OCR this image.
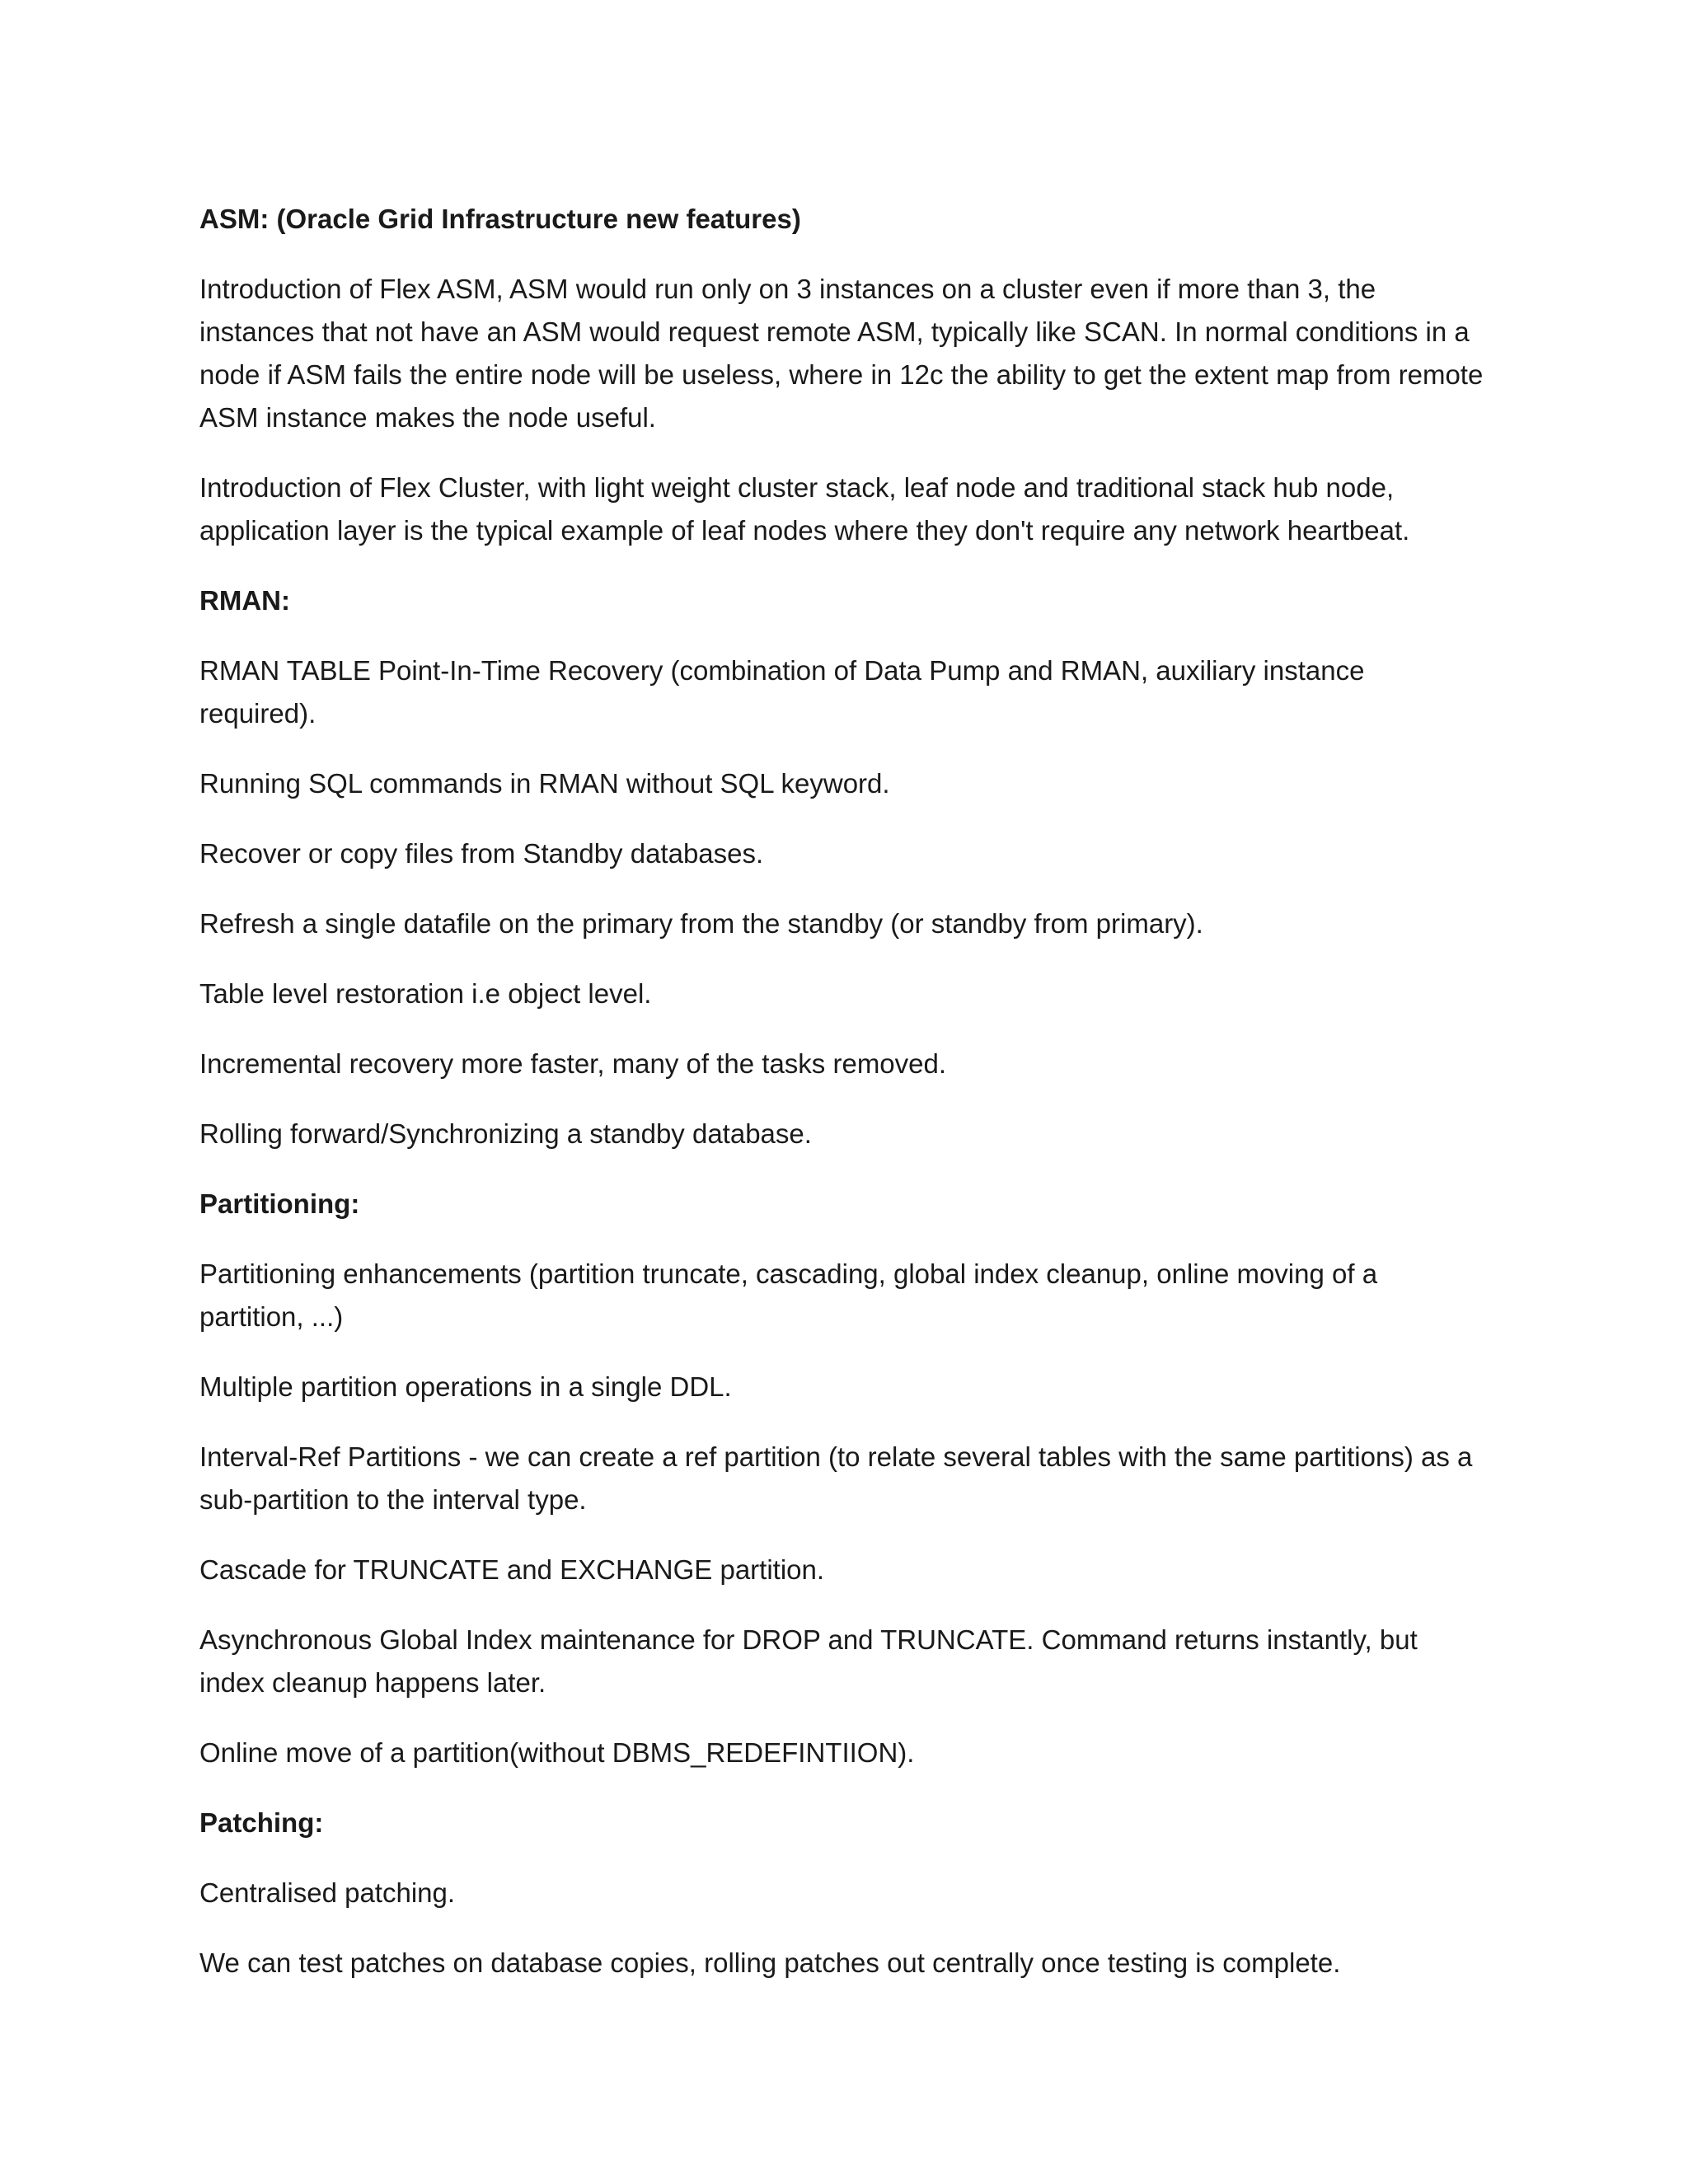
ASM: (Oracle Grid Infrastructure new features)
Introduction of Flex ASM, ASM would run only on 3 instances on a cluster even if more than 3, the instances that not have an ASM would request remote ASM, typically like SCAN. In normal conditions in a node if ASM fails the entire node will be useless, where in 12c the ability to get the extent map from remote ASM instance makes the node useful.
Introduction of Flex Cluster, with light weight cluster stack, leaf node and traditional stack hub node, application layer is the typical example of leaf nodes where they don't require any network heartbeat.
RMAN:
RMAN TABLE Point-In-Time Recovery (combination of Data Pump and RMAN, auxiliary instance required).
Running SQL commands in RMAN without SQL keyword.
Recover or copy files from Standby databases.
Refresh a single datafile on the primary from the standby (or standby from primary).
Table level restoration i.e object level.
Incremental recovery more faster, many of the tasks removed.
Rolling forward/Synchronizing a standby database.
Partitioning:
Partitioning enhancements (partition truncate, cascading, global index cleanup, online moving of a partition, ...)
Multiple partition operations in a single DDL.
Interval-Ref Partitions - we can create a ref partition (to relate several tables with the same partitions) as a sub-partition to the interval type.
Cascade for TRUNCATE and EXCHANGE partition.
Asynchronous Global Index maintenance for DROP and TRUNCATE. Command returns instantly, but index cleanup happens later.
Online move of a partition(without DBMS_REDEFINTIION).
Patching:
Centralised patching.
We can test patches on database copies, rolling patches out centrally once testing is complete.
